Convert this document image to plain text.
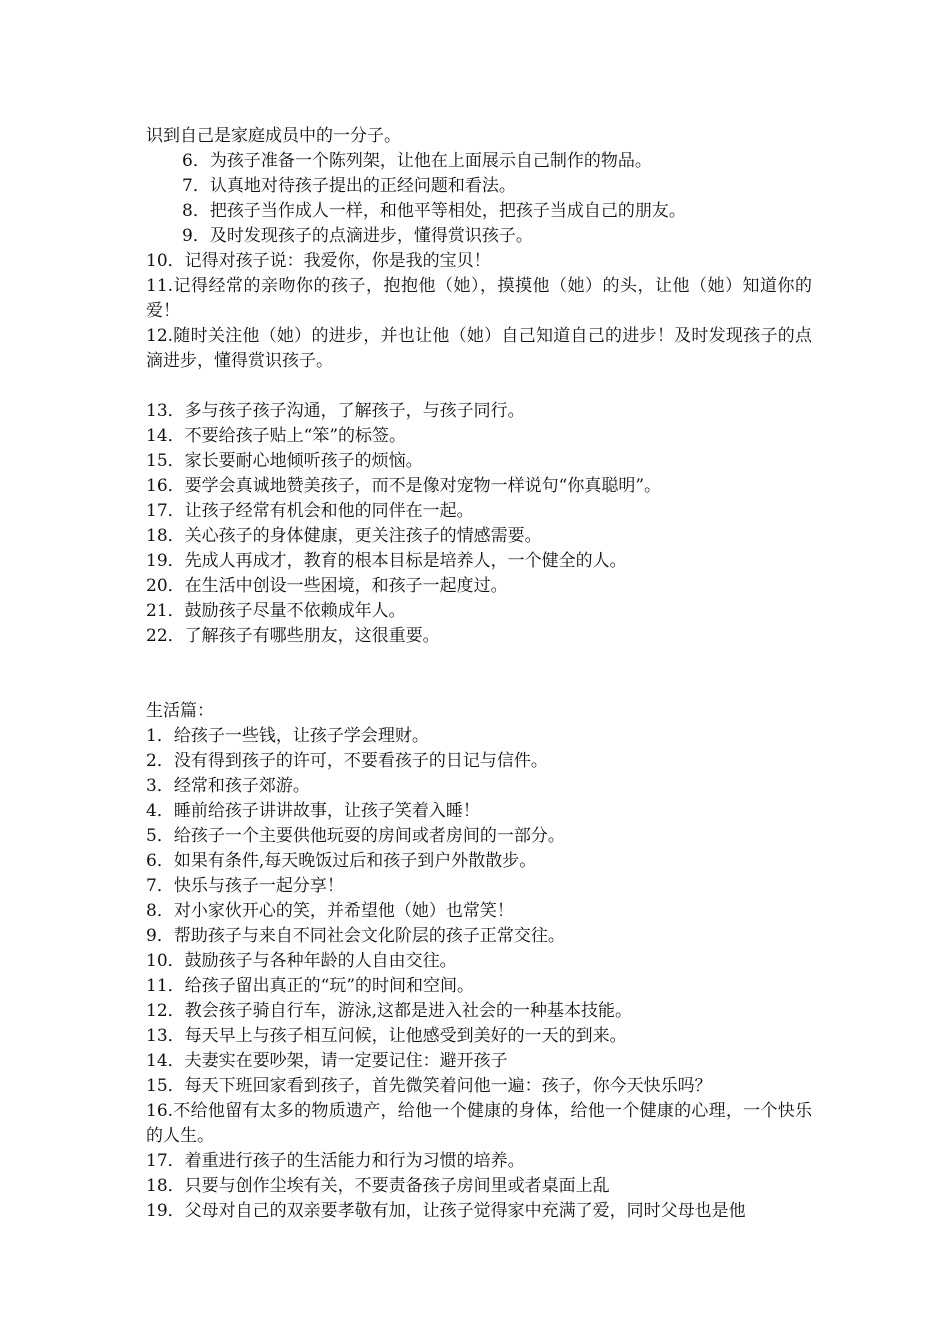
识到自己是家庭成员中的一分子。
6．为孩子准备一个陈列架，让他在上面展示自己制作的物品。
7．认真地对待孩子提出的正经问题和看法。
8．把孩子当作成人一样，和他平等相处，把孩子当成自己的朋友。
9．及时发现孩子的点滴进步，懂得赏识孩子。
10．记得对孩子说：我爱你，你是我的宝贝！
11.记得经常的亲吻你的孩子，抱抱他（她），摸摸他（她）的头，让他（她）知道你的爱！
12.随时关注他（她）的进步，并也让他（她）自己知道自己的进步！及时发现孩子的点滴进步，懂得赏识孩子。
13．多与孩子孩子沟通，了解孩子，与孩子同行。
14．不要给孩子贴上“笨”的标签。
15．家长要耐心地倾听孩子的烦恼。
16．要学会真诚地赞美孩子，而不是像对宠物一样说句“你真聪明”。
17．让孩子经常有机会和他的同伴在一起。
18．关心孩子的身体健康，更关注孩子的情感需要。
19．先成人再成才，教育的根本目标是培养人，一个健全的人。
20．在生活中创设一些困境，和孩子一起度过。
21．鼓励孩子尽量不依赖成年人。
22．了解孩子有哪些朋友，这很重要。
生活篇：
1．给孩子一些钱，让孩子学会理财。
2．没有得到孩子的许可，不要看孩子的日记与信件。
3．经常和孩子郊游。
4．睡前给孩子讲讲故事，让孩子笑着入睡！
5．给孩子一个主要供他玩耍的房间或者房间的一部分。
6．如果有条件,每天晚饭过后和孩子到户外散散步。
7．快乐与孩子一起分享！
8．对小家伙开心的笑，并希望他（她）也常笑！
9．帮助孩子与来自不同社会文化阶层的孩子正常交往。
10．鼓励孩子与各种年龄的人自由交往。
11．给孩子留出真正的“玩”的时间和空间。
12．教会孩子骑自行车，游泳,这都是进入社会的一种基本技能。
13．每天早上与孩子相互问候，让他感受到美好的一天的到来。
14．夫妻实在要吵架，请一定要记住：避开孩子
15．每天下班回家看到孩子，首先微笑着问他一遍：孩子，你今天快乐吗？
16.不给他留有太多的物质遗产，给他一个健康的身体，给他一个健康的心理，一个快乐的人生。
17．着重进行孩子的生活能力和行为习惯的培养。
18．只要与创作尘埃有关，不要责备孩子房间里或者桌面上乱
19．父母对自己的双亲要孝敬有加，让孩子觉得家中充满了爱，同时父母也是他
